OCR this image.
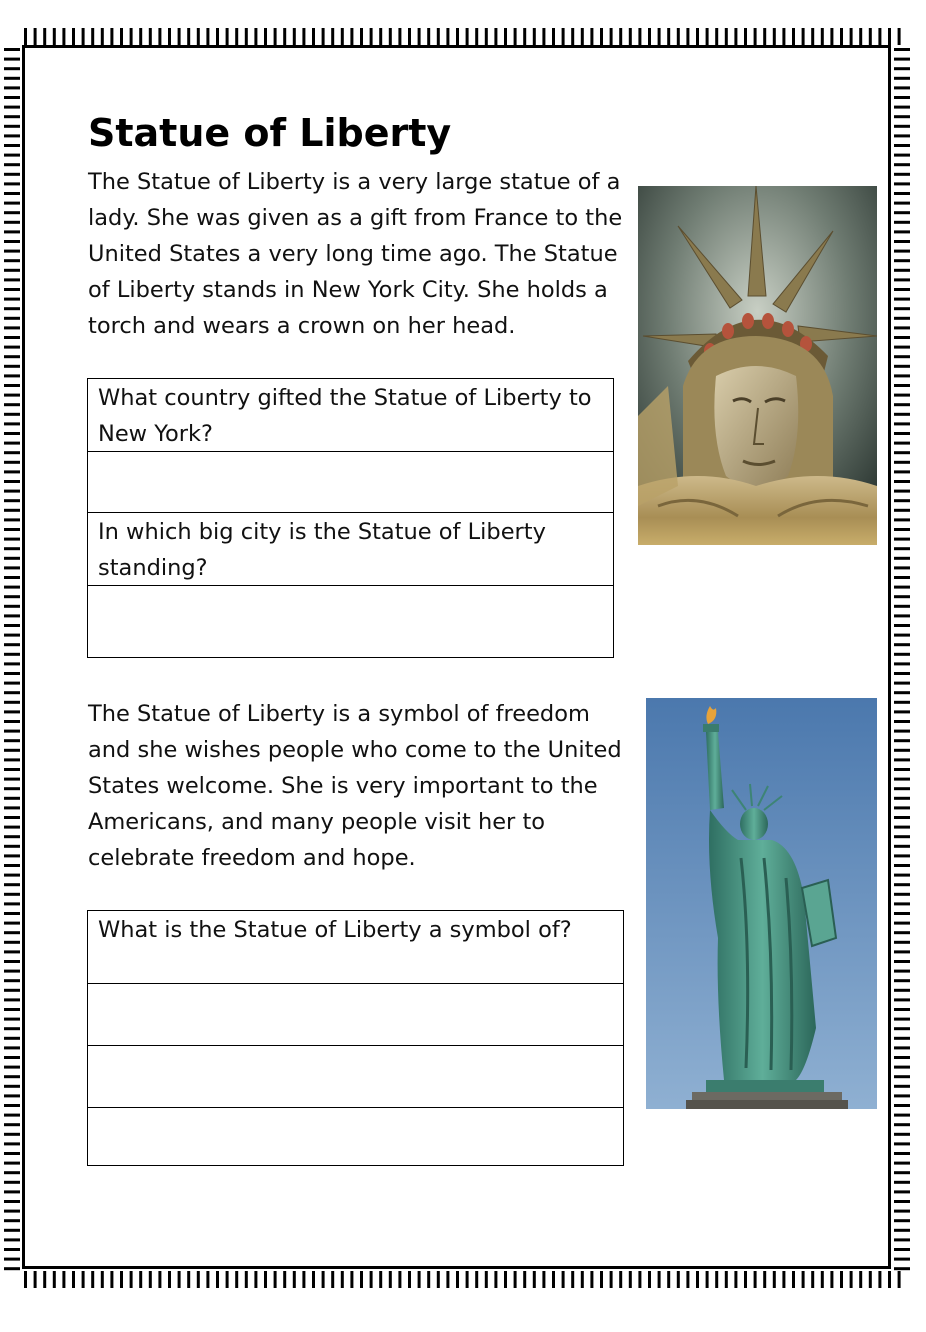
Statue of Liberty

The Statue of Liberty is a very large statue of a lady. She was given as a gift from France to the United States a very long time ago. The Statue of Liberty stands in New York City. She holds a torch and wears a crown on her head.

What country gifted the Statue of Liberty to New York?
In which big city is the Statue of Liberty standing?

The Statue of Liberty is a symbol of freedom and she wishes people who come to the United States welcome. She is very important to the Americans, and many people visit her to celebrate freedom and hope.

What is the Statue of Liberty a symbol of?
